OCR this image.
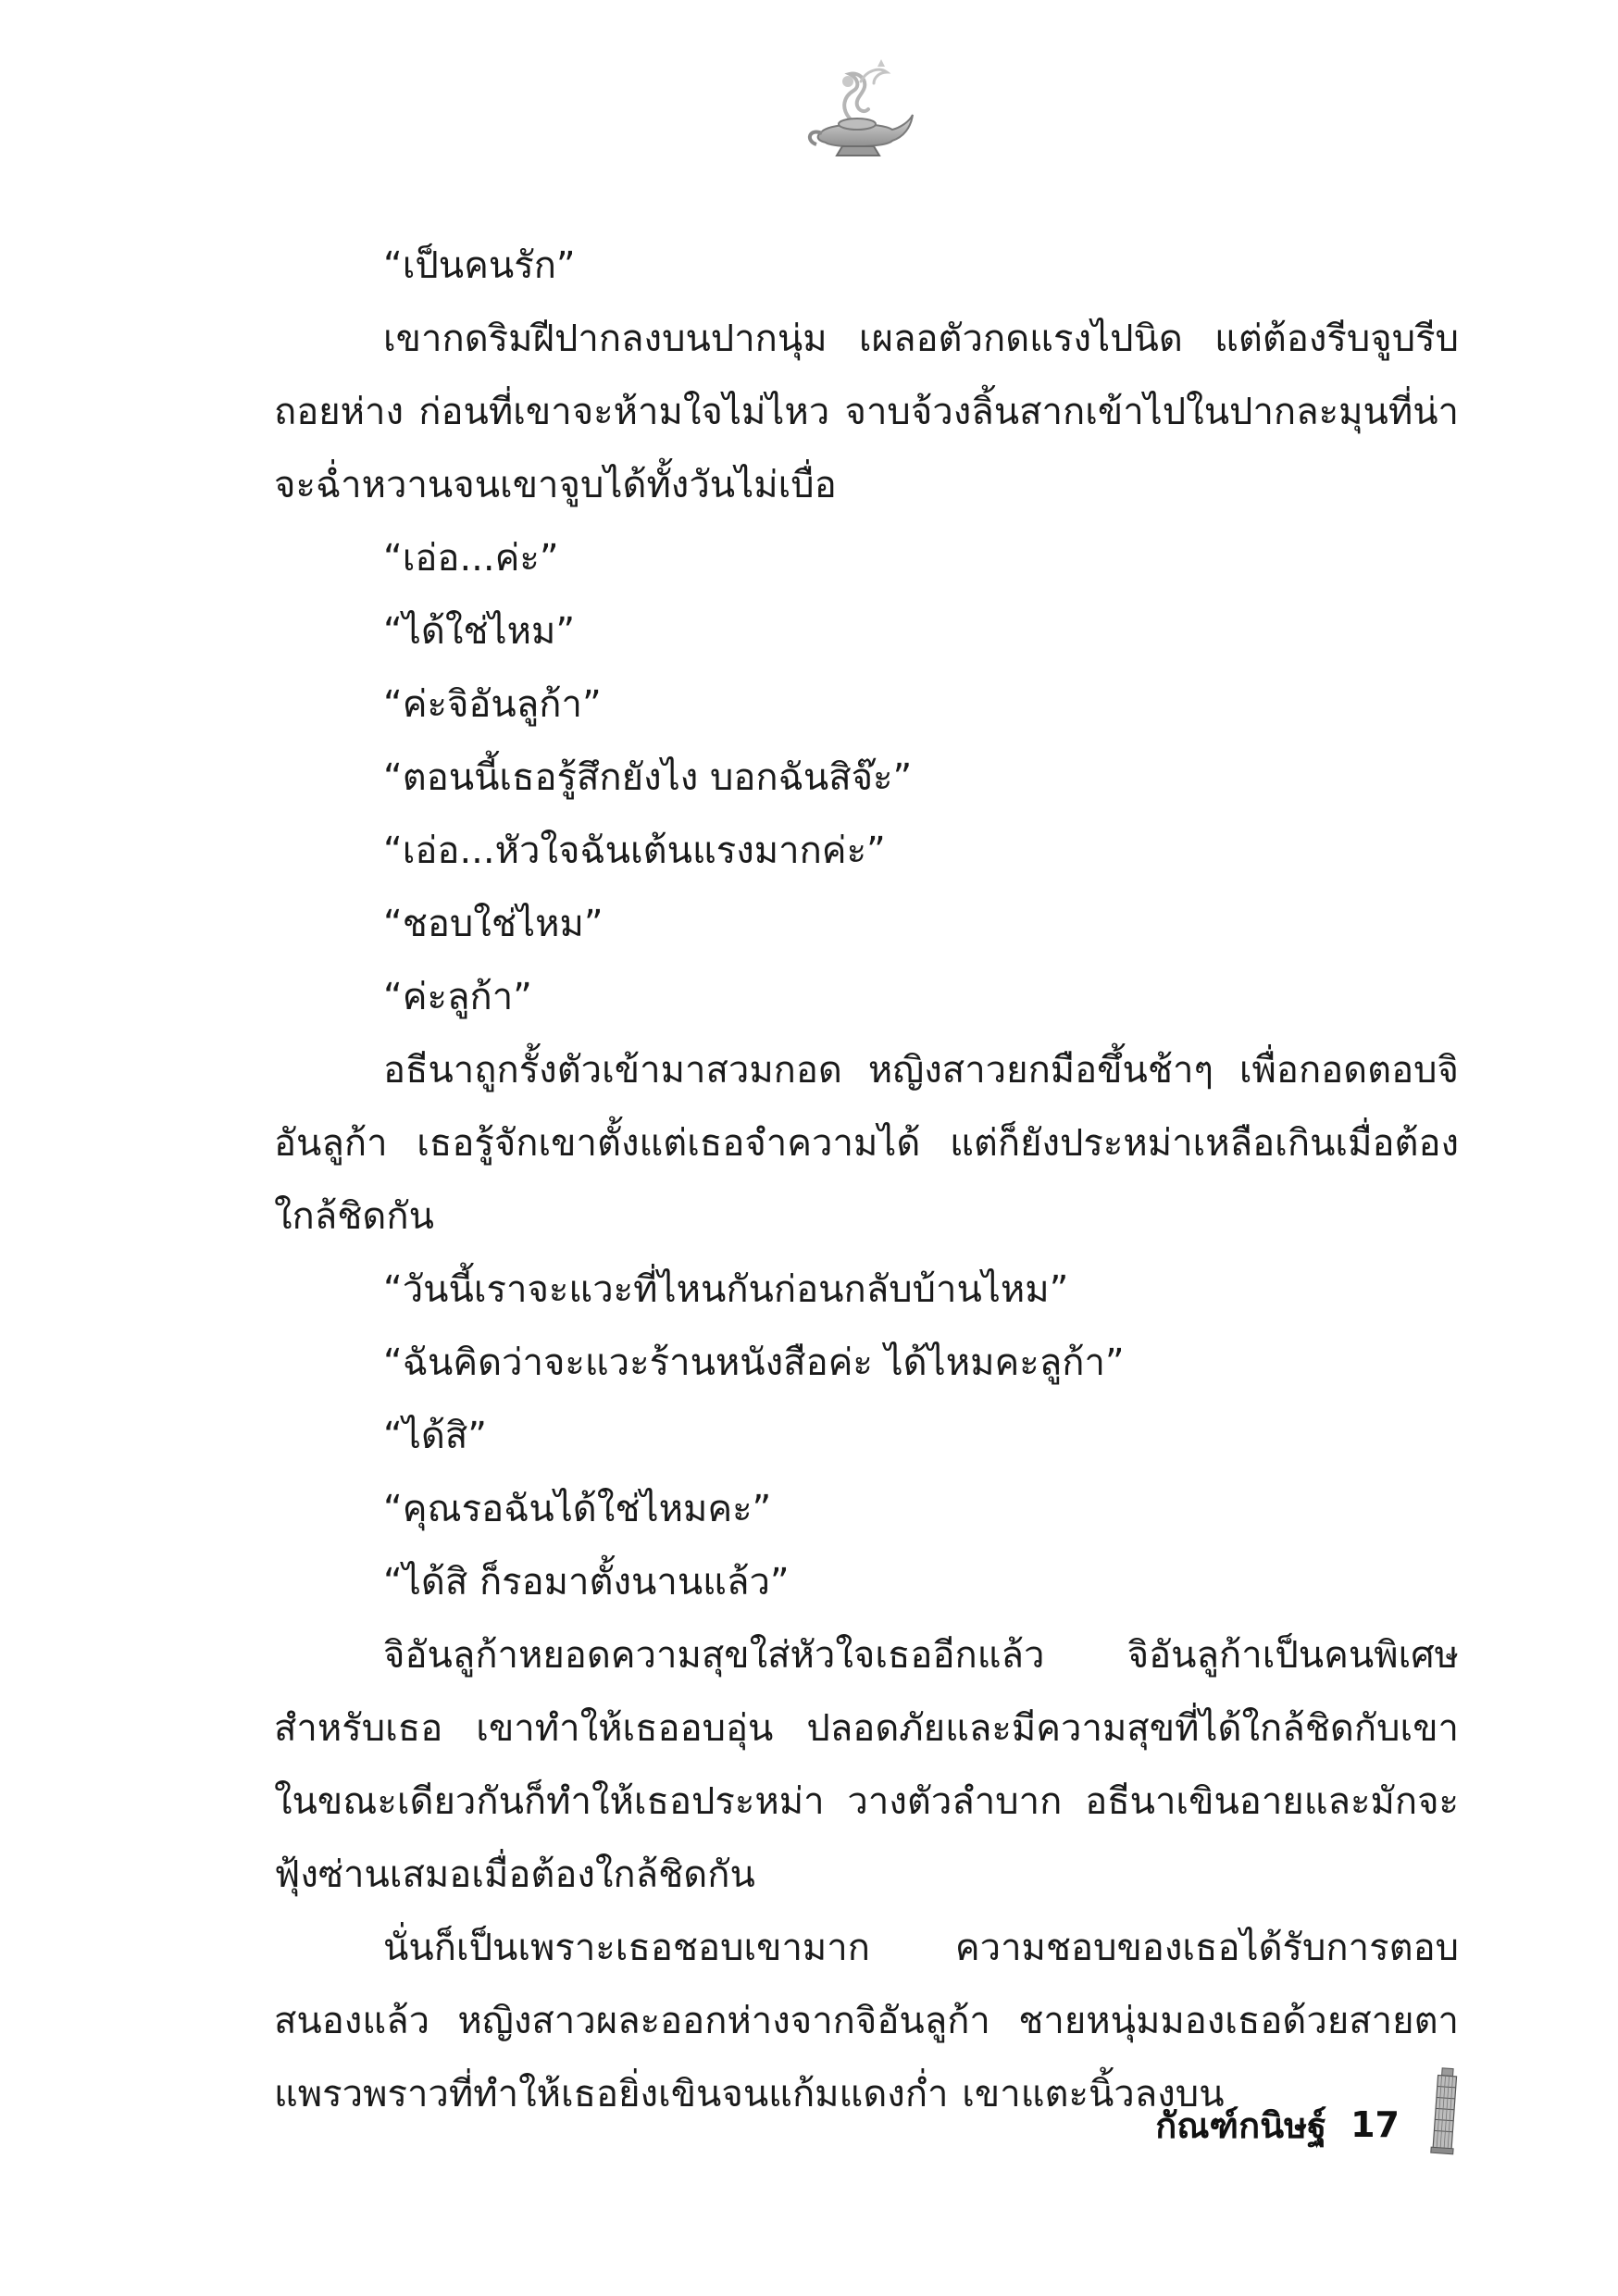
“เป็นคนรัก”

เขากดริมฝีปากลงบนปากนุ่ม เผลอตัวกดแรงไปนิด แต่ต้องรีบจูบรีบถอยห่าง ก่อนที่เขาจะห้ามใจไม่ไหว จาบจ้วงลิ้นสากเข้าไปในปากละมุนที่น่าจะฉ่ำหวานจนเขาจูบได้ทั้งวันไม่เบื่อ

“เอ่อ...ค่ะ”

“ได้ใช่ไหม”

“ค่ะจิอันลูก้า”

“ตอนนี้เธอรู้สึกยังไง บอกฉันสิจ๊ะ”

“เอ่อ...หัวใจฉันเต้นแรงมากค่ะ”

“ชอบใช่ไหม”

“ค่ะลูก้า”

อธีนาถูกรั้งตัวเข้ามาสวมกอด หญิงสาวยกมือขึ้นช้าๆ เพื่อกอดตอบจิอันลูก้า เธอรู้จักเขาตั้งแต่เธอจำความได้ แต่ก็ยังประหม่าเหลือเกินเมื่อต้องใกล้ชิดกัน

“วันนี้เราจะแวะที่ไหนกันก่อนกลับบ้านไหม”

“ฉันคิดว่าจะแวะร้านหนังสือค่ะ ได้ไหมคะลูก้า”

“ได้สิ”

“คุณรอฉันได้ใช่ไหมคะ”

“ได้สิ ก็รอมาตั้งนานแล้ว”

จิอันลูก้าหยอดความสุขใส่หัวใจเธออีกแล้ว จิอันลูก้าเป็นคนพิเศษสำหรับเธอ เขาทำให้เธออบอุ่น ปลอดภัยและมีความสุขที่ได้ใกล้ชิดกับเขาในขณะเดียวกันก็ทำให้เธอประหม่า วางตัวลำบาก อธีนาเขินอายและมักจะฟุ้งซ่านเสมอเมื่อต้องใกล้ชิดกัน

นั่นก็เป็นเพราะเธอชอบเขามาก ความชอบของเธอได้รับการตอบสนองแล้ว หญิงสาวผละออกห่างจากจิอันลูก้า ชายหนุ่มมองเธอด้วยสายตาแพรวพราวที่ทำให้เธอยิ่งเขินจนแก้มแดงก่ำ เขาแตะนิ้วลงบน

กัณฑ์กนิษฐ์ 17
